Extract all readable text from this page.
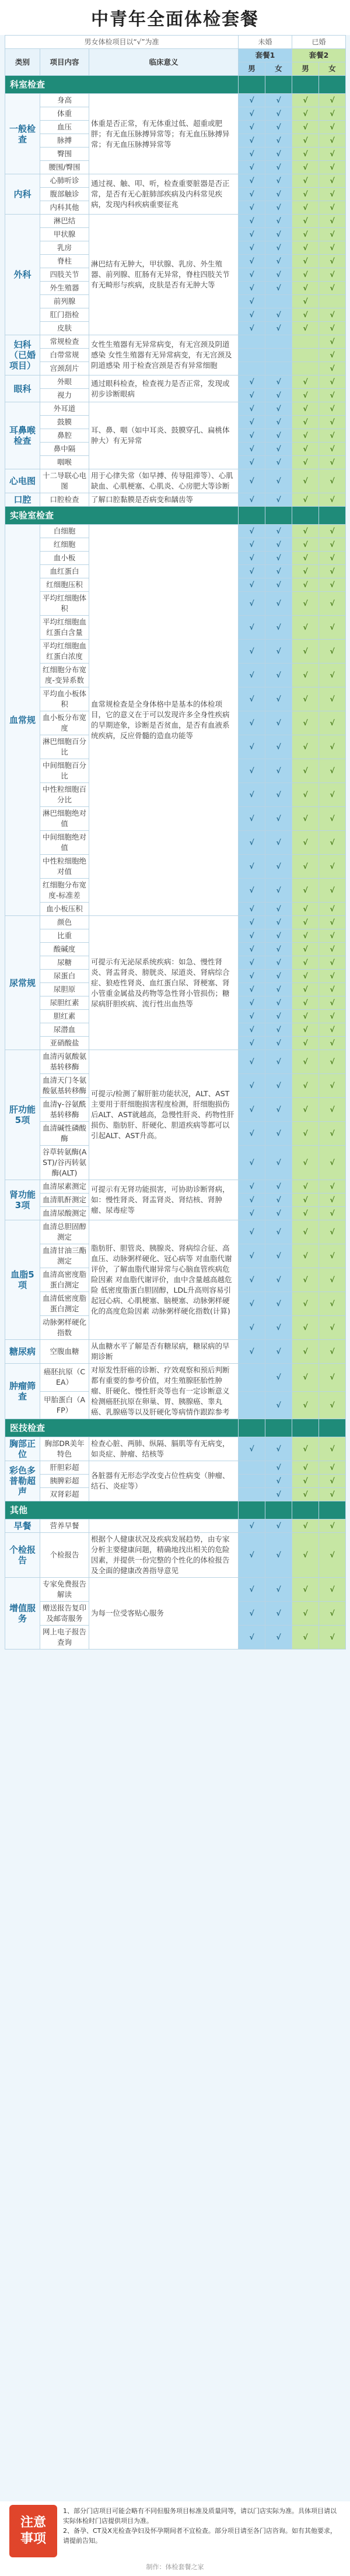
中青年全面体检套餐
男女体检项目以“√”为准			未婚		已婚	
类别	项目内容	临床意义	套餐1		套餐2	
			男	女	男	女
科室检查						
一般检查	身高	体重是否正常，有无体重过低、超重或肥胖；有无血压脉搏异常等；有无血压脉搏异常；有无血压脉搏异常等	√	√	√	√
	体重		√	√	√	√
	血压		√	√	√	√
	脉搏		√	√	√	√
	臀围		√	√	√	√
	腰围/臀围		√	√	√	√
内科	心肺听诊	通过视、触、叩、听，检查重要脏器是否正常，是否有无心脏肺部疾病及内科常见疾病，发现内科疾病重要征兆	√	√	√	√
	腹部触诊		√	√	√	√
	内科其他		√	√	√	√
外科	淋巴结	淋巴结有无肿大，甲状腺、乳房、外生殖器、前列腺、肛肠有无异常，脊柱四肢关节有无畸形与疾病，皮肤是否有无肿大等	√	√	√	√
	甲状腺		√	√	√	√
	乳房		√	√	√	√
	脊柱		√	√	√	√
	四肢关节		√	√	√	√
	外生殖器		√	√	√	√
	前列腺		√		√	
	肛门指检		√	√	√	√
	皮肤		√	√	√	√
妇科（已婚项目）	常规检查	女性生殖器有无异常病变，有无宫颈及阴道感染 女性生殖器有无异常病变，有无宫颈及阴道感染 用于检查宫颈是否有异常细胞				√
	白带常规					√
	宫颈刮片					√
眼科	外眼	通过眼科检查，检查视力是否正常，发现或初步诊断眼病	√	√	√	√
	视力		√	√	√	√
耳鼻喉检查	外耳道	耳、鼻、咽（如中耳炎、鼓膜穿孔、扁桃体肿大）有无异常	√	√	√	√
	鼓膜		√	√	√	√
	鼻腔		√	√	√	√
	鼻中隔		√	√	√	√
	咽喉		√	√	√	√
心电图	十二导联心电图	用于心律失常（如早搏、传导阻滞等）、心肌缺血、心肌梗塞、心肌炎、心房肥大等诊断	√	√	√	√
口腔	口腔检查	了解口腔黏膜是否病变和龋齿等	√	√	√	√
实验室检查						
血常规	白细胞	血常规检查是全身体格中是基本的体检项目，它的意义在于可以发现许多全身性疾病的早期迹象，诊断是否贫血，是否有血液系统疾病，反应骨髓的造血功能等	√	√	√	√
	红细胞		√	√	√	√
	血小板		√	√	√	√
	血红蛋白		√	√	√	√
	红细胞压积		√	√	√	√
	平均红细胞体积		√	√	√	√
	平均红细胞血红蛋白含量		√	√	√	√
	平均红细胞血红蛋白浓度		√	√	√	√
	红细胞分布宽度-变异系数		√	√	√	√
	平均血小板体积		√	√	√	√
	血小板分布宽度		√	√	√	√
	淋巴细胞百分比		√	√	√	√
	中间细胞百分比		√	√	√	√
	中性粒细胞百分比		√	√	√	√
	淋巴细胞绝对值		√	√	√	√
	中间细胞绝对值		√	√	√	√
	中性粒细胞绝对值		√	√	√	√
	红细胞分布宽度-标准差		√	√	√	√
	血小板压积		√	√	√	√
尿常规	颜色	可提示有无泌尿系统疾病：如急、慢性肾炎、肾盂肾炎、膀胱炎、尿道炎、肾病综合症、狼疮性肾炎、血红蛋白尿、肾梗塞、肾小管重金属盐及药物等急性肾小管损伤；糖尿病肝胆疾病、流行性出血热等	√	√	√	√
	比重		√	√	√	√
	酸碱度		√	√	√	√
	尿糖		√	√	√	√
	尿蛋白		√	√	√	√
	尿胆原		√	√	√	√
	尿胆红素		√	√	√	√
	胆红素		√	√	√	√
	尿潜血		√	√	√	√
	亚硝酸盐		√	√	√	√
肝功能5项	血清丙氨酸氨基转移酶	可提示/检测了解肝脏功能状况，ALT、AST主要用于肝细胞损害程度检测，肝细胞损伤后ALT、AST就越高，急慢性肝炎、药物性肝损伤、脂肪肝、肝硬化、胆道疾病等都可以引起ALT、AST升高。	√	√	√	√
	血清天门冬氨酸氨基转移酶		√	√	√	√
	血清γ-谷氨酰基转移酶		√	√	√	√
	血清碱性磷酸酶		√	√	√	√
	谷草转氨酶(AST)/谷丙转氨酶(ALT)		√	√	√	√
肾功能3项	血清尿素测定	可提示有无肾功能损害，可协助诊断肾病，如：慢性肾炎、肾盂肾炎、肾结核、肾肿瘤、尿毒症等	√	√	√	√
	血清肌酐测定		√	√	√	√
	血清尿酸测定		√	√	√	√
血脂5项	血清总胆固醇测定	脂肪肝、胆管炎、胰腺炎、肾病综合征、高血压、动脉粥样硬化、冠心病等 对血脂代谢评价，了解血脂代谢异常与心脑血管疾病危险因素 对血脂代谢评价，血中含量越高越危险 低密度脂蛋白胆固醇，LDL升高则容易引起冠心病、心肌梗塞、脑梗塞、动脉粥样硬化的高度危险因素 动脉粥样硬化指数(计算)	√	√	√	√
	血清甘油三酯测定		√	√	√	√
	血清高密度脂蛋白测定		√	√	√	√
	血清低密度脂蛋白测定		√	√	√	√
	动脉粥样硬化指数		√	√	√	√
糖尿病	空腹血糖	从血糖水平了解是否有糖尿病，糖尿病的早期诊断	√	√	√	√
肿瘤筛查	癌胚抗原（CEA）	对原发性肝癌的诊断、疗效观察和预后判断都有重要的参考价值，对生殖腺胚胎性肿瘤、肝硬化、慢性肝炎等也有一定诊断意义 检测癌胚抗原在卵巢、胃、胰腺癌、睾丸癌、乳腺癌等以及肝硬化等病情作跟踪参考		√	√	√
	甲胎蛋白（AFP）			√	√	√
医技检查						
胸部正位	胸部DR美年特色	检查心脏、两肺、纵隔、膈肌等有无病变，如炎症、肿瘤、结核等	√	√	√	√
彩色多普勒超声	肝胆彩超	各脏器有无形态学改变占位性病变（肿瘤、结石、炎症等）		√	√	√
	胰脾彩超			√	√	√
	双肾彩超			√	√	√
其他						
早餐	营养早餐		√	√	√	√
个检报告	个检报告	根据个人健康状况及疾病发展趋势，由专家分析主要健康问题，精确地找出相关的危险因素，并提供一份完整的个性化的体检报告及全面的健康改善指导意见	√	√	√	√
增值服务	专家免费报告解读	为每一位受客贴心服务	√	√	√	√
	赠送报告复印及邮寄服务		√	√	√	√
	网上电子报告查询		√	√	√	√
注意
事项
1、部分门店项目可能会略有不同但服务项目标准及质量同等，请以门店实际为准。具体项目请以实际体检时门店提供项目为准。
2、备孕、CT及X光检查孕妇及怀孕期间者不宜检查。部分项目请至各门店咨询。如有其他要求，请提前告知。
制作：体检套餐之家
